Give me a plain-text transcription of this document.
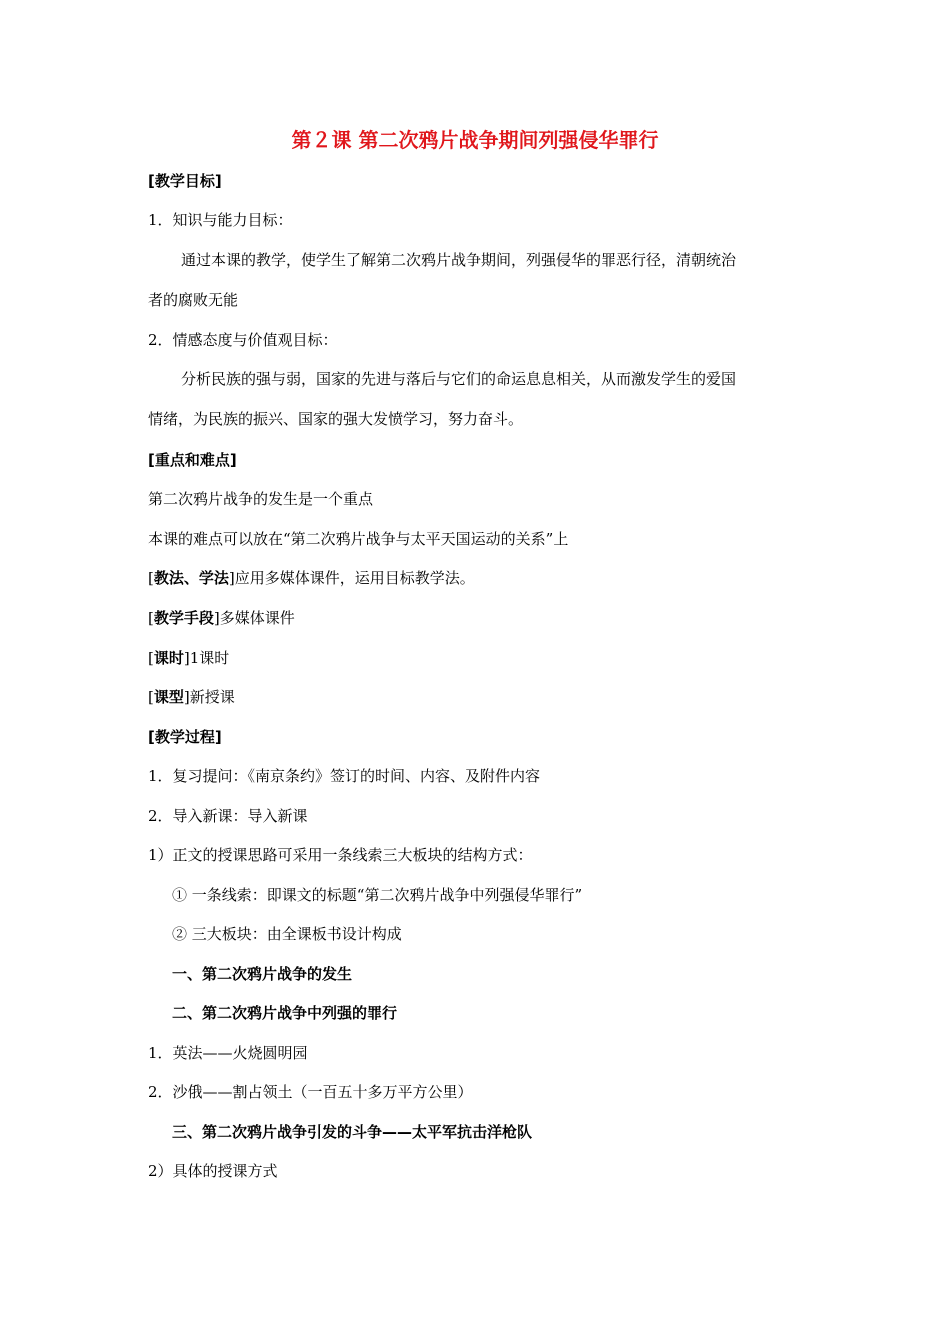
第２课 第二次鸦片战争期间列强侵华罪行
[教学目标]
1．知识与能力目标：
通过本课的教学，使学生了解第二次鸦片战争期间，列强侵华的罪恶行径，清朝统治
者的腐败无能
2．情感态度与价值观目标：
分析民族的强与弱，国家的先进与落后与它们的命运息息相关，从而激发学生的爱国
情绪，为民族的振兴、国家的强大发愤学习，努力奋斗。
[重点和难点]
第二次鸦片战争的发生是一个重点
本课的难点可以放在“第二次鸦片战争与太平天国运动的关系”上
[教法、学法]应用多媒体课件，运用目标教学法。
[教学手段]多媒体课件
[课时]1课时
[课型]新授课
[教学过程]
1．复习提问：《南京条约》签订的时间、内容、及附件内容
2．导入新课：导入新课
1）正文的授课思路可采用一条线索三大板块的结构方式：
① 一条线索：即课文的标题“第二次鸦片战争中列强侵华罪行”
② 三大板块：由全课板书设计构成
一、第二次鸦片战争的发生
二、第二次鸦片战争中列强的罪行
1．英法——火烧圆明园
2．沙俄——割占领土（一百五十多万平方公里）
三、第二次鸦片战争引发的斗争——太平军抗击洋枪队
2）具体的授课方式
